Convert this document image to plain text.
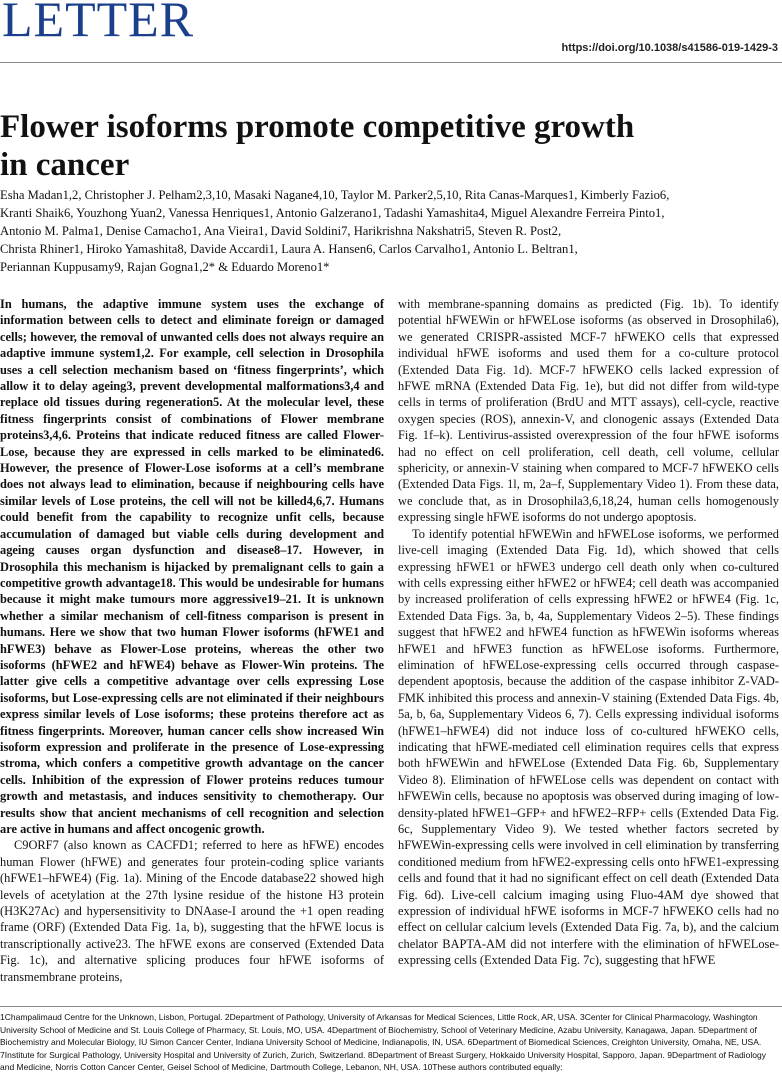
LETTER
https://doi.org/10.1038/s41586-019-1429-3
Flower isoforms promote competitive growth
in cancer
Esha Madan1,2, Christopher J. Pelham2,3,10, Masaki Nagane4,10, Taylor M. Parker2,5,10, Rita Canas-Marques1, Kimberly Fazio6,
Kranti Shaik6, Youzhong Yuan2, Vanessa Henriques1, Antonio Galzerano1, Tadashi Yamashita4, Miguel Alexandre Ferreira Pinto1,
Antonio M. Palma1, Denise Camacho1, Ana Vieira1, David Soldini7, Harikrishna Nakshatri5, Steven R. Post2,
Christa Rhiner1, Hiroko Yamashita8, Davide Accardi1, Laura A. Hansen6, Carlos Carvalho1, Antonio L. Beltran1,
Periannan Kuppusamy9, Rajan Gogna1,2* & Eduardo Moreno1*

In humans, the adaptive immune system uses the exchange of information between cells to detect and eliminate foreign or damaged cells; however, the removal of unwanted cells does not always require an adaptive immune system1,2. For example, cell selection in Drosophila uses a cell selection mechanism based on ‘fitness fingerprints’, which allow it to delay ageing3, prevent developmental malformations3,4 and replace old tissues during regeneration5. At the molecular level, these fitness fingerprints consist of combinations of Flower membrane proteins3,4,6. Proteins that indicate reduced fitness are called Flower-Lose, because they are expressed in cells marked to be eliminated6. However, the presence of Flower-Lose isoforms at a cell’s membrane does not always lead to elimination, because if neighbouring cells have similar levels of Lose proteins, the cell will not be killed4,6,7. Humans could benefit from the capability to recognize unfit cells, because accumulation of damaged but viable cells during development and ageing causes organ dysfunction and disease8–17. However, in Drosophila this mechanism is hijacked by premalignant cells to gain a competitive growth advantage18. This would be undesirable for humans because it might make tumours more aggressive19–21. It is unknown whether a similar mechanism of cell-fitness comparison is present in humans. Here we show that two human Flower isoforms (hFWE1 and hFWE3) behave as Flower-Lose proteins, whereas the other two isoforms (hFWE2 and hFWE4) behave as Flower-Win proteins. The latter give cells a competitive advantage over cells expressing Lose isoforms, but Lose-expressing cells are not eliminated if their neighbours express similar levels of Lose isoforms; these proteins therefore act as fitness fingerprints. Moreover, human cancer cells show increased Win isoform expression and proliferate in the presence of Lose-expressing stroma, which confers a competitive growth advantage on the cancer cells. Inhibition of the expression of Flower proteins reduces tumour growth and metastasis, and induces sensitivity to chemotherapy. Our results show that ancient mechanisms of cell recognition and selection are active in humans and affect oncogenic growth.

C9ORF7 (also known as CACFD1; referred to here as hFWE) encodes human Flower (hFWE) and generates four protein-coding splice variants (hFWE1–hFWE4) (Fig. 1a). Mining of the Encode database22 showed high levels of acetylation at the 27th lysine residue of the histone H3 protein (H3K27Ac) and hypersensitivity to DNAase-I around the +1 open reading frame (ORF) (Extended Data Fig. 1a, b), suggesting that the hFWE locus is transcriptionally active23. The hFWE exons are conserved (Extended Data Fig. 1c), and alternative splicing produces four hFWE isoforms of transmembrane proteins,

with membrane-spanning domains as predicted (Fig. 1b). To identify potential hFWEWin or hFWELose isoforms (as observed in Drosophila6), we generated CRISPR-assisted MCF-7 hFWEKO cells that expressed individual hFWE isoforms and used them for a co-culture protocol (Extended Data Fig. 1d). MCF-7 hFWEKO cells lacked expression of hFWE mRNA (Extended Data Fig. 1e), but did not differ from wild-type cells in terms of proliferation (BrdU and MTT assays), cell-cycle, reactive oxygen species (ROS), annexin-V, and clonogenic assays (Extended Data Fig. 1f–k). Lentivirus-assisted overexpression of the four hFWE isoforms had no effect on cell proliferation, cell death, cell volume, cellular sphericity, or annexin-V staining when compared to MCF-7 hFWEKO cells (Extended Data Figs. 1l, m, 2a–f, Supplementary Video 1). From these data, we conclude that, as in Drosophila3,6,18,24, human cells homogenously expressing single hFWE isoforms do not undergo apoptosis.

To identify potential hFWEWin and hFWELose isoforms, we performed live-cell imaging (Extended Data Fig. 1d), which showed that cells expressing hFWE1 or hFWE3 undergo cell death only when co-cultured with cells expressing either hFWE2 or hFWE4; cell death was accompanied by increased proliferation of cells expressing hFWE2 or hFWE4 (Fig. 1c, Extended Data Figs. 3a, b, 4a, Supplementary Videos 2–5). These findings suggest that hFWE2 and hFWE4 function as hFWEWin isoforms whereas hFWE1 and hFWE3 function as hFWELose isoforms. Furthermore, elimination of hFWELose-expressing cells occurred through caspase-dependent apoptosis, because the addition of the caspase inhibitor Z-VAD-FMK inhibited this process and annexin-V staining (Extended Data Figs. 4b, 5a, b, 6a, Supplementary Videos 6, 7). Cells expressing individual isoforms (hFWE1–hFWE4) did not induce loss of co-cultured hFWEKO cells, indicating that hFWE-mediated cell elimination requires cells that express both hFWEWin and hFWELose (Extended Data Fig. 6b, Supplementary Video 8). Elimination of hFWELose cells was dependent on contact with hFWEWin cells, because no apoptosis was observed during imaging of low-density-plated hFWE1–GFP+ and hFWE2–RFP+ cells (Extended Data Fig. 6c, Supplementary Video 9). We tested whether factors secreted by hFWEWin-expressing cells were involved in cell elimination by transferring conditioned medium from hFWE2-expressing cells onto hFWE1-expressing cells and found that it had no significant effect on cell death (Extended Data Fig. 6d). Live-cell calcium imaging using Fluo-4AM dye showed that expression of individual hFWE isoforms in MCF-7 hFWEKO cells had no effect on cellular calcium levels (Extended Data Fig. 7a, b), and the calcium chelator BAPTA-AM did not interfere with the elimination of hFWELose-expressing cells (Extended Data Fig. 7c), suggesting that hFWE

1Champalimaud Centre for the Unknown, Lisbon, Portugal. 2Department of Pathology, University of Arkansas for Medical Sciences, Little Rock, AR, USA. 3Center for Clinical Pharmacology, Washington University School of Medicine and St. Louis College of Pharmacy, St. Louis, MO, USA. 4Department of Biochemistry, School of Veterinary Medicine, Azabu University, Kanagawa, Japan. 5Department of Biochemistry and Molecular Biology, IU Simon Cancer Center, Indiana University School of Medicine, Indianapolis, IN, USA. 6Department of Biomedical Sciences, Creighton University, Omaha, NE, USA. 7Institute for Surgical Pathology, University Hospital and University of Zurich, Zurich, Switzerland. 8Department of Breast Surgery, Hokkaido University Hospital, Sapporo, Japan. 9Department of Radiology and Medicine, Norris Cotton Cancer Center, Geisel School of Medicine, Dartmouth College, Lebanon, NH, USA. 10These authors contributed equally:
